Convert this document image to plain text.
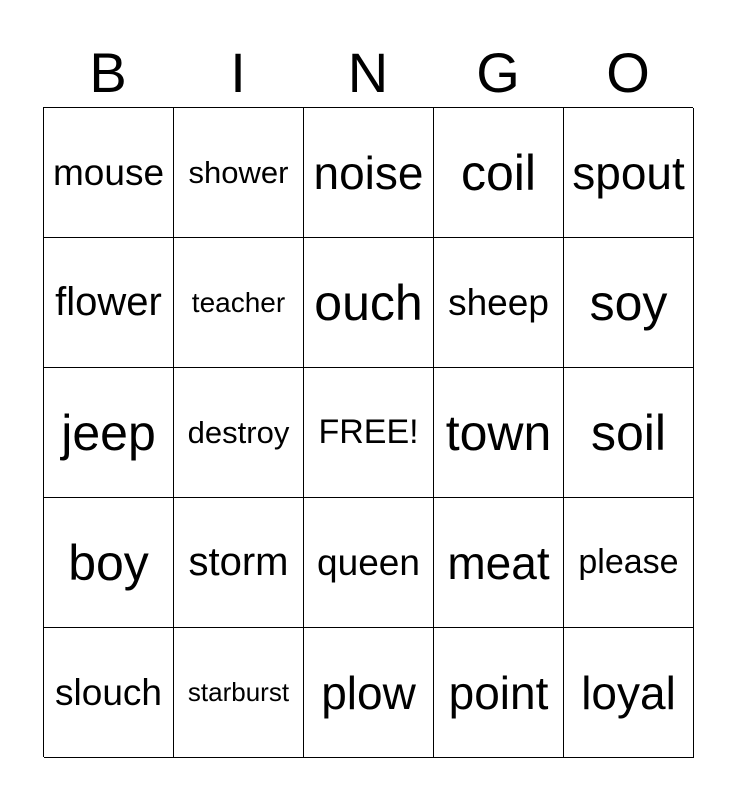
B	I	N	G	O
mouse shower noise coil spout
flower	teacher ouch sheep soy
jeep	destroy FREE! town soil
boy storm queen meat please
slouch starburst plow point loyal
